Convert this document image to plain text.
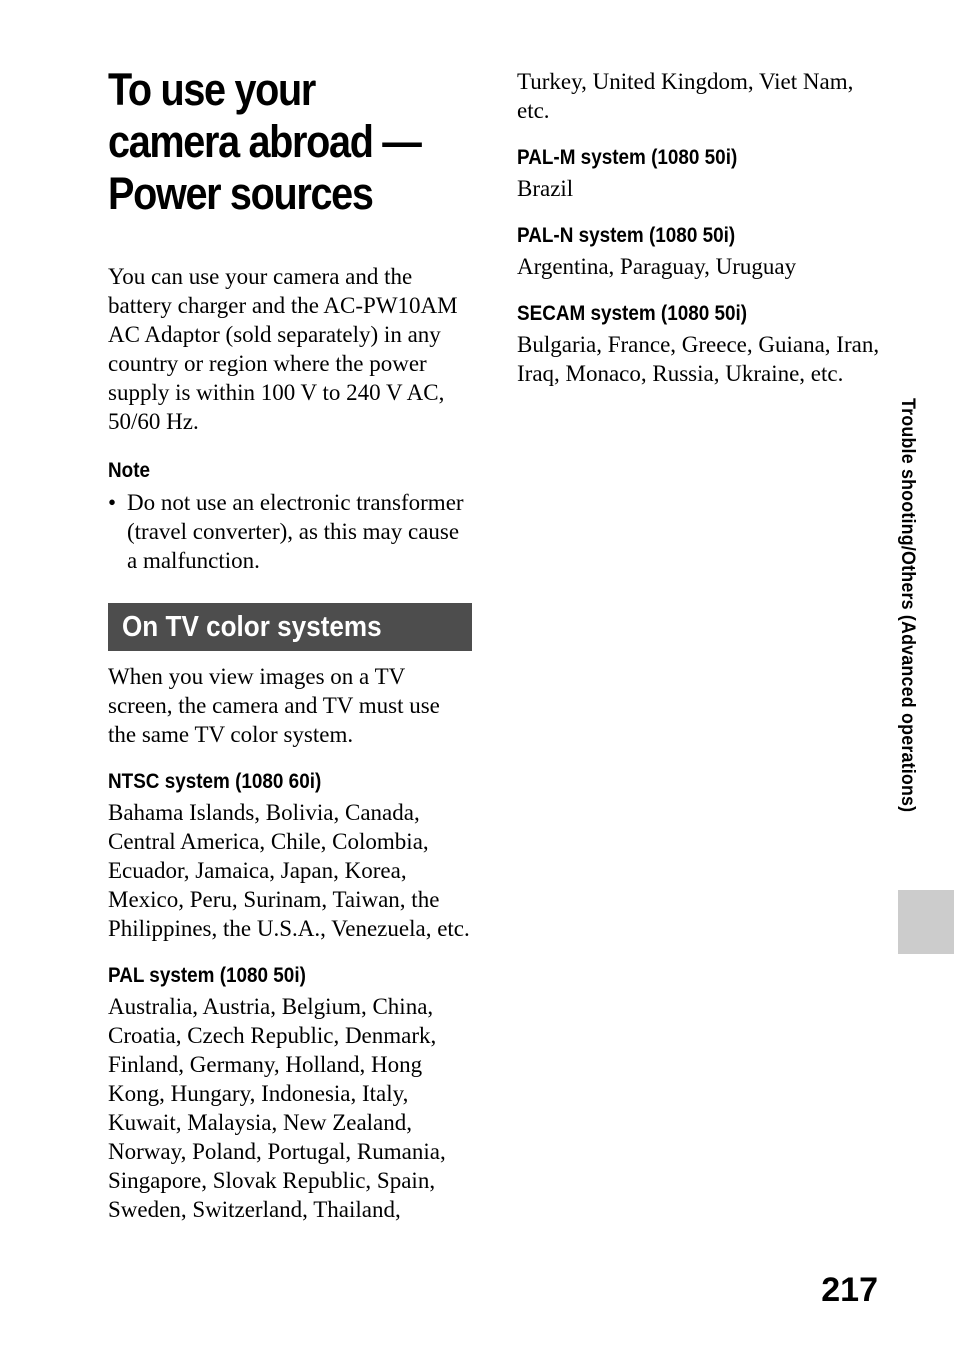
To use your
camera abroad —
Power sources

You can use your camera and the battery charger and the AC-PW10AM AC Adaptor (sold separately) in any country or region where the power supply is within 100 V to 240 V AC, 50/60 Hz.

Note
• Do not use an electronic transformer (travel converter), as this may cause a malfunction.
On TV color systems

When you view images on a TV screen, the camera and TV must use the same TV color system.

NTSC system (1080 60i)

Bahama Islands, Bolivia, Canada, Central America, Chile, Colombia, Ecuador, Jamaica, Japan, Korea, Mexico, Peru, Surinam, Taiwan, the Philippines, the U.S.A., Venezuela, etc.

PAL system (1080 50i)

Australia, Austria, Belgium, China, Croatia, Czech Republic, Denmark, Finland, Germany, Holland, Hong Kong, Hungary, Indonesia, Italy, Kuwait, Malaysia, New Zealand, Norway, Poland, Portugal, Rumania, Singapore, Slovak Republic, Spain, Sweden, Switzerland, Thailand,

Turkey, United Kingdom, Viet Nam, etc.

PAL-M system (1080 50i)

Brazil

PAL-N system (1080 50i)

Argentina, Paraguay, Uruguay

SECAM system (1080 50i)

Bulgaria, France, Greece, Guiana, Iran, Iraq, Monaco, Russia, Ukraine, etc.

Trouble shooting/Others (Advanced operations)
217
